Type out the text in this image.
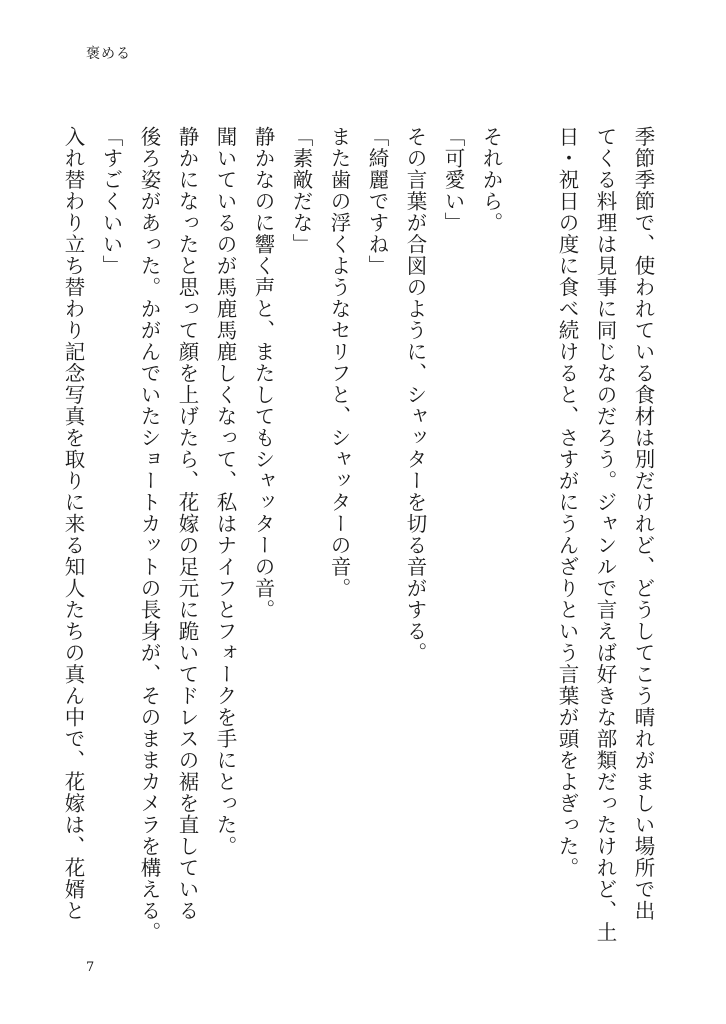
褒める

季節季節で、使われている食材は別だけれど、どうしてこう晴れがましい場所で出

てくる料理は見事に同じなのだろう。ジャンルで言えば好きな部類だったけれど、土

日・祝日の度に食べ続けると、さすがにうんざりという言葉が頭をよぎった。

それから。

「可愛い」

その言葉が合図のように、シャッターを切る音がする。

「綺麗ですね」

また歯の浮くようなセリフと、シャッターの音。

「素敵だな」

静かなのに響く声と、またしてもシャッターの音。

聞いているのが馬鹿馬鹿しくなって、私はナイフとフォークを手にとった。

静かになったと思って顔を上げたら、花嫁の足元に跪いてドレスの裾を直している

後ろ姿があった。かがんでいたショートカットの長身が、そのままカメラを構える。

「すごくいい」

入れ替わり立ち替わり記念写真を取りに来る知人たちの真ん中で、花嫁は、花婿と

7
